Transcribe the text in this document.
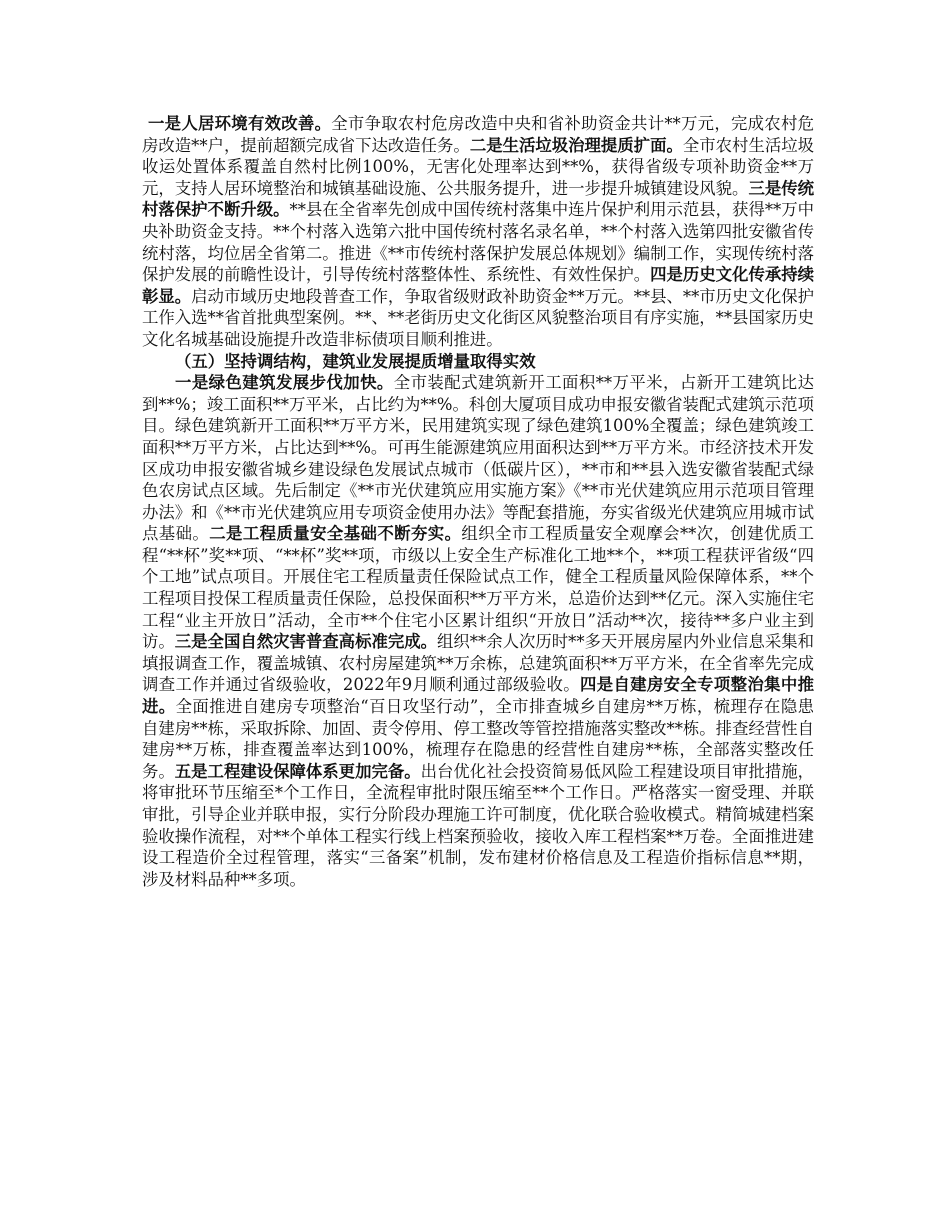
一是人居环境有效改善。全市争取农村危房改造中央和省补助资金共计**万元，完成农村危房改造**户，提前超额完成省下达改造任务。二是生活垃圾治理提质扩面。全市农村生活垃圾收运处置体系覆盖自然村比例100%，无害化处理率达到**%，获得省级专项补助资金**万元，支持人居环境整治和城镇基础设施、公共服务提升，进一步提升城镇建设风貌。三是传统村落保护不断升级。**县在全省率先创成中国传统村落集中连片保护利用示范县，获得**万中央补助资金支持。**个村落入选第六批中国传统村落名录名单，**个村落入选第四批安徽省传统村落，均位居全省第二。推进《**市传统村落保护发展总体规划》编制工作，实现传统村落保护发展的前瞻性设计，引导传统村落整体性、系统性、有效性保护。四是历史文化传承持续彰显。启动市域历史地段普查工作，争取省级财政补助资金**万元。**县、**市历史文化保护工作入选**省首批典型案例。**、**老街历史文化街区风貌整治项目有序实施，**县国家历史文化名城基础设施提升改造非标债项目顺利推进。

（五）坚持调结构，建筑业发展提质增量取得实效

一是绿色建筑发展步伐加快。全市装配式建筑新开工面积**万平米，占新开工建筑比达到**%；竣工面积**万平米，占比约为**%。科创大厦项目成功申报安徽省装配式建筑示范项目。绿色建筑新开工面积**万平方米，民用建筑实现了绿色建筑100%全覆盖；绿色建筑竣工面积**万平方米，占比达到**%。可再生能源建筑应用面积达到**万平方米。市经济技术开发区成功申报安徽省城乡建设绿色发展试点城市（低碳片区），**市和**县入选安徽省装配式绿色农房试点区域。先后制定《**市光伏建筑应用实施方案》《**市光伏建筑应用示范项目管理办法》和《**市光伏建筑应用专项资金使用办法》等配套措施，夯实省级光伏建筑应用城市试点基础。二是工程质量安全基础不断夯实。组织全市工程质量安全观摩会**次，创建优质工程“**杯”奖**项、“**杯”奖**项，市级以上安全生产标准化工地**个，**项工程获评省级“四个工地”试点项目。开展住宅工程质量责任保险试点工作，健全工程质量风险保障体系，**个工程项目投保工程质量责任保险，总投保面积**万平方米，总造价达到**亿元。深入实施住宅工程“业主开放日”活动，全市**个住宅小区累计组织“开放日”活动**次，接待**多户业主到访。三是全国自然灾害普查高标准完成。组织**余人次历时**多天开展房屋内外业信息采集和填报调查工作，覆盖城镇、农村房屋建筑**万余栋，总建筑面积**万平方米，在全省率先完成调查工作并通过省级验收，2022年9月顺利通过部级验收。四是自建房安全专项整治集中推进。全面推进自建房专项整治“百日攻坚行动”，全市排查城乡自建房**万栋，梳理存在隐患自建房**栋，采取拆除、加固、责令停用、停工整改等管控措施落实整改**栋。排查经营性自建房**万栋，排查覆盖率达到100%，梳理存在隐患的经营性自建房**栋，全部落实整改任务。五是工程建设保障体系更加完备。出台优化社会投资简易低风险工程建设项目审批措施，将审批环节压缩至*个工作日，全流程审批时限压缩至**个工作日。严格落实一窗受理、并联审批，引导企业并联申报，实行分阶段办理施工许可制度，优化联合验收模式。精简城建档案验收操作流程，对**个单体工程实行线上档案预验收，接收入库工程档案**万卷。全面推进建设工程造价全过程管理，落实“三备案”机制，发布建材价格信息及工程造价指标信息**期，涉及材料品种**多项。
